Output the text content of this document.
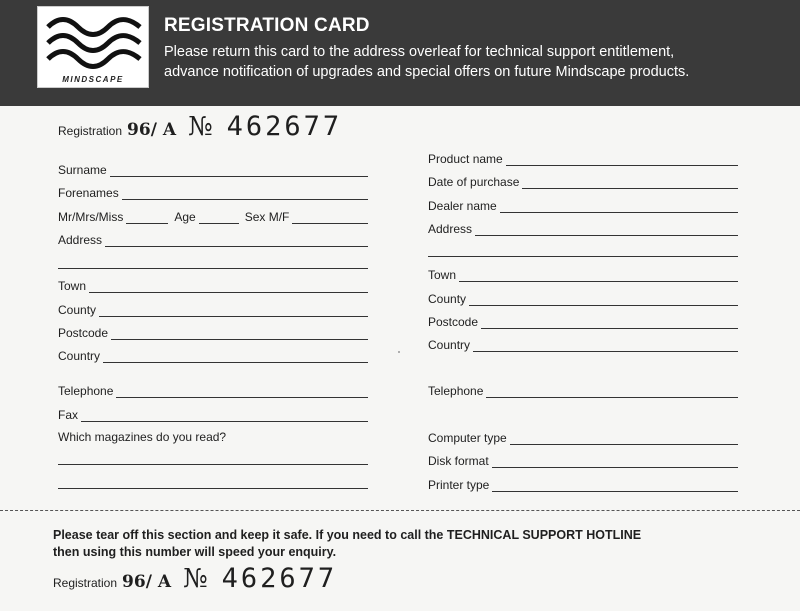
MINDSCAPE
REGISTRATION CARD
Please return this card to the address overleaf for technical support entitlement,
advance notification of upgrades and special offers on future Mindscape products.
Registration 96/ A № 462677
Surname
Forenames
Mr/Mrs/Miss	Age	Sex M/F
Address
Town
County
Postcode
Country
Telephone
Fax
Which magazines do you read?
Product name
Date of purchase
Dealer name
Address
Town
County
Postcode
Country
Telephone
Computer type
Disk format
Printer type
Please tear off this section and keep it safe. If you need to call the TECHNICAL SUPPORT HOTLINE
then using this number will speed your enquiry.
Registration 96/ A № 462677
